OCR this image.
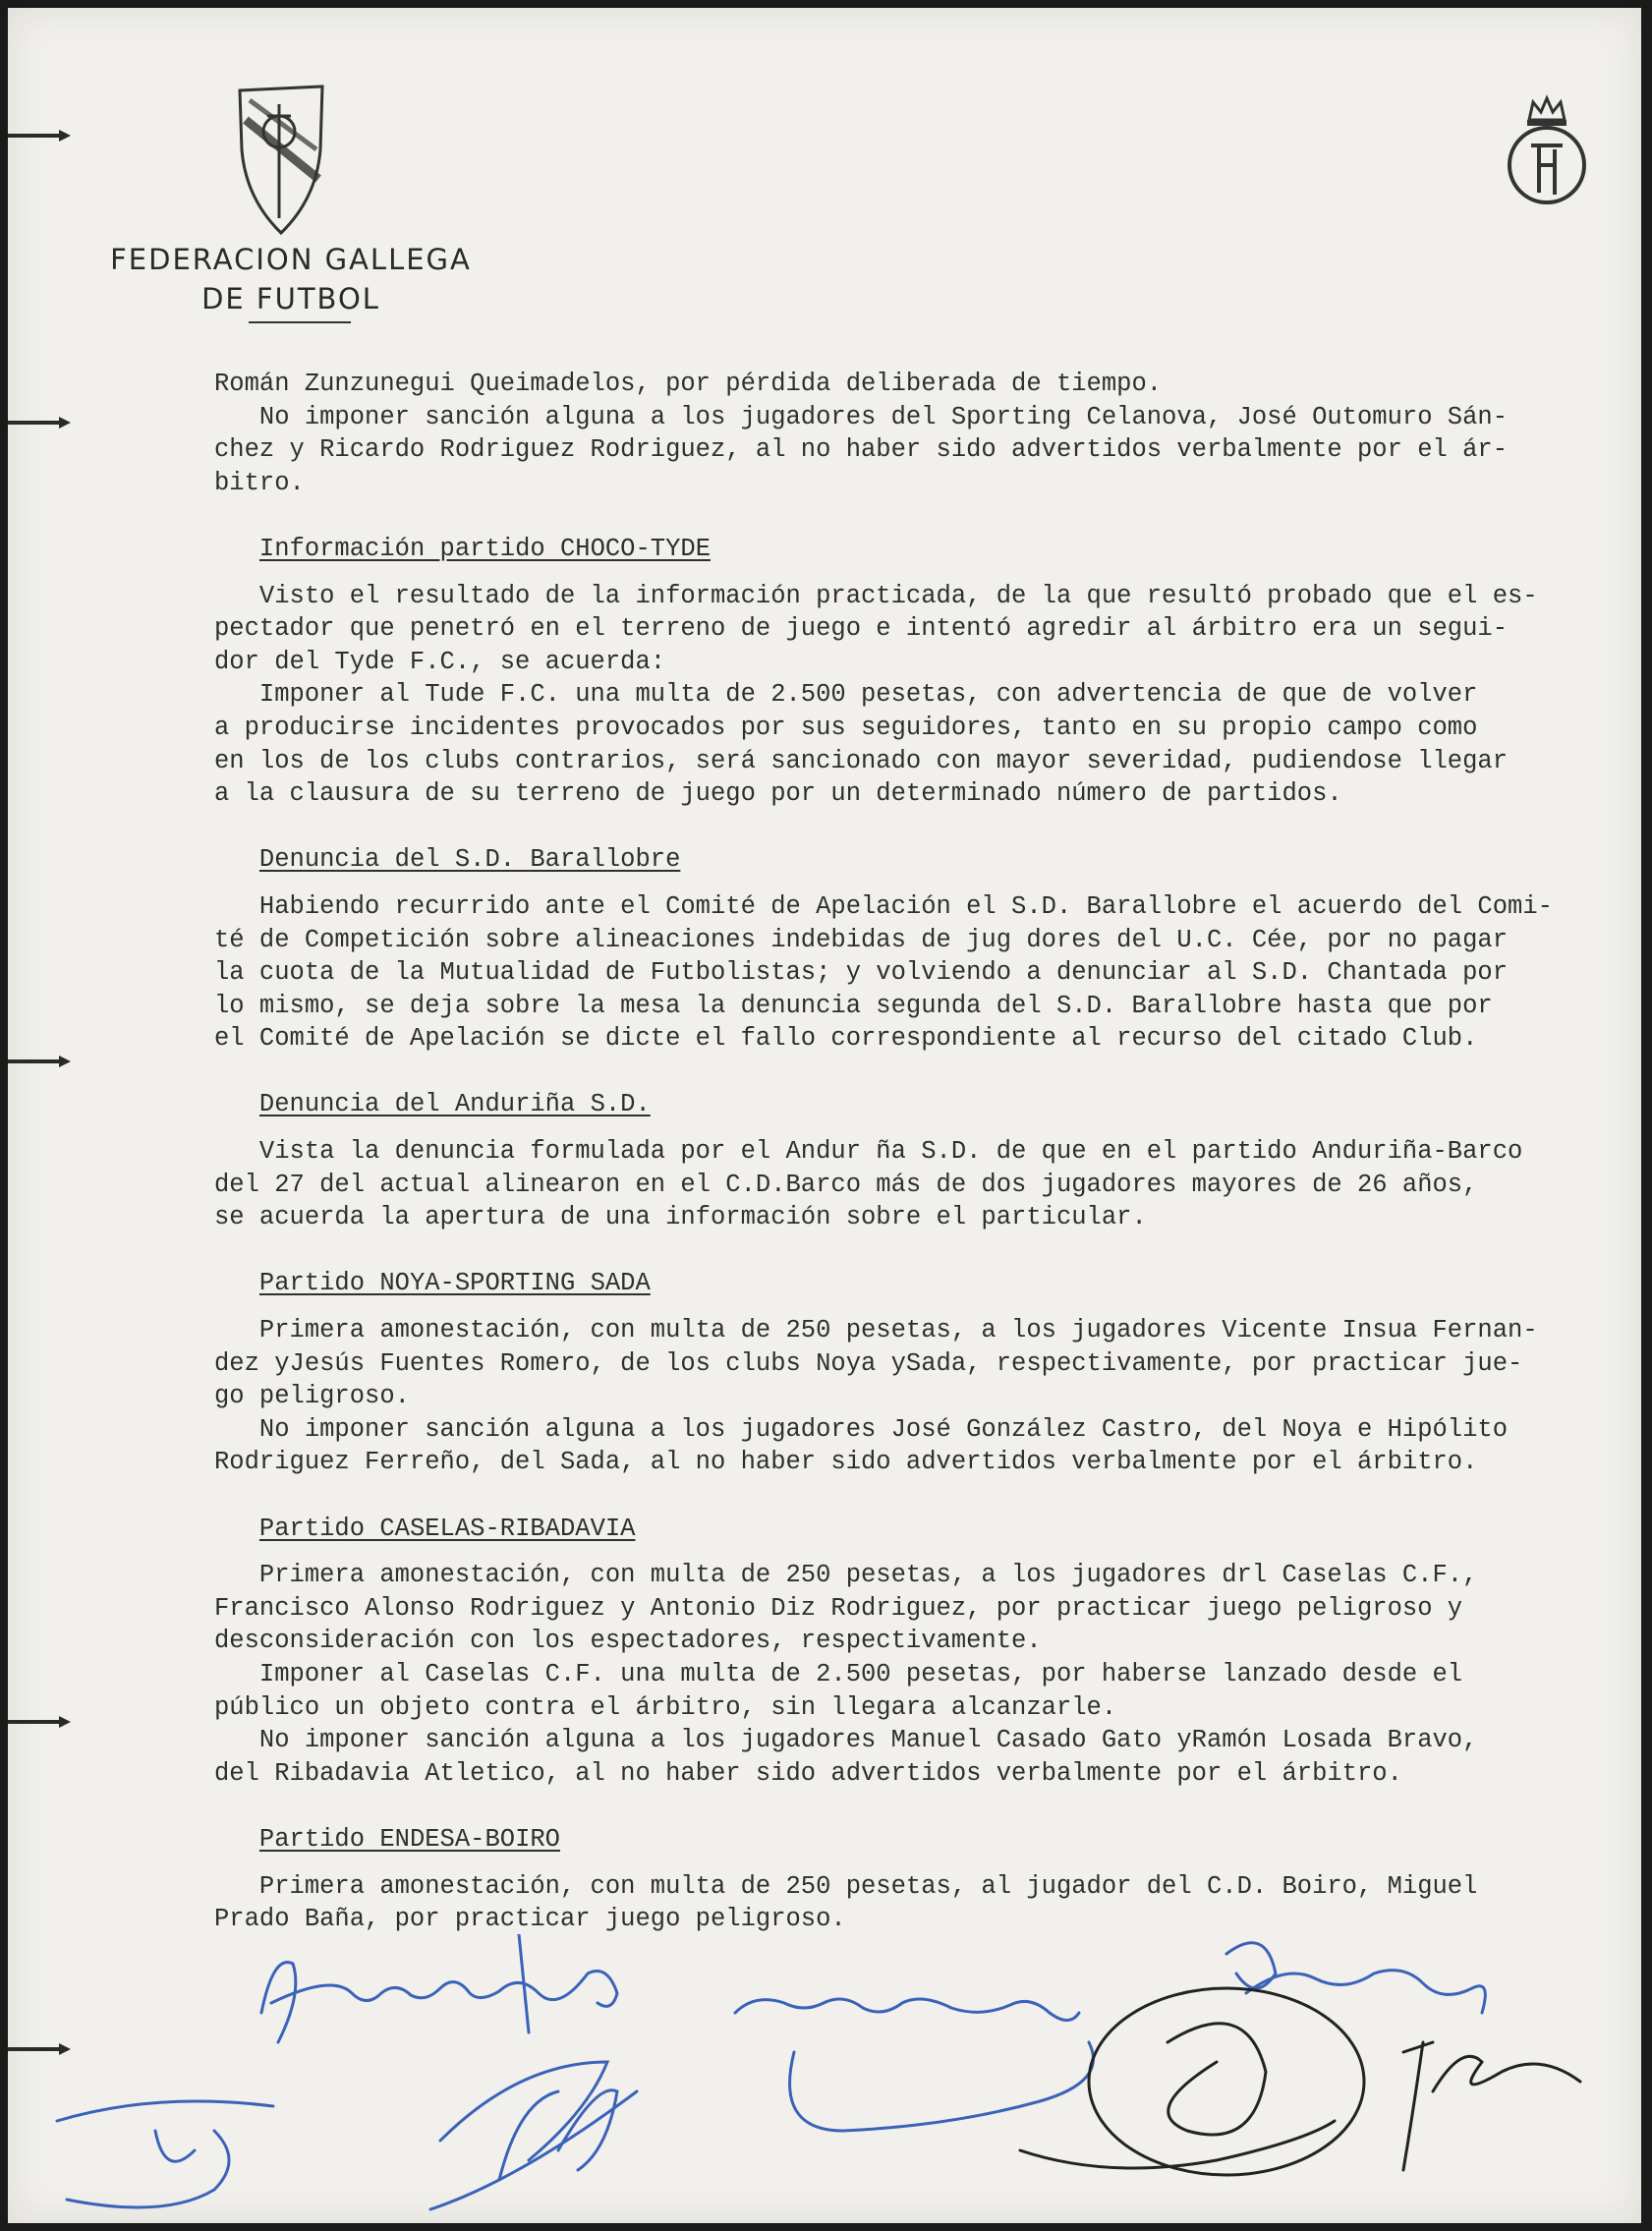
FEDERACION GALLEGA
DE FUTBOL
Román Zunzunegui Queimadelos, por pérdida deliberada de tiempo.
No imponer sanción alguna a los jugadores del Sporting Celanova, José Outomuro Sán-
chez y Ricardo Rodriguez Rodriguez, al no haber sido advertidos verbalmente por el ár-
bitro.
Información partido CHOCO-TYDE
Visto el resultado de la información practicada, de la que resultó probado que el es-
pectador que penetró en el terreno de juego e intentó agredir al árbitro era un segui-
dor del Tyde F.C., se acuerda:
Imponer al Tude F.C. una multa de 2.500 pesetas, con advertencia de que de volver
a producirse incidentes provocados por sus seguidores, tanto en su propio campo como
en los de los clubs contrarios, será sancionado con mayor severidad, pudiendose llegar
a la clausura de su terreno de juego por un determinado número de partidos.
Denuncia del S.D. Barallobre
Habiendo recurrido ante el Comité de Apelación el S.D. Barallobre el acuerdo del Comi-
té de Competición sobre alineaciones indebidas de jug dores del U.C. Cée, por no pagar
la cuota de la Mutualidad de Futbolistas; y volviendo a denunciar al S.D. Chantada por
lo mismo, se deja sobre la mesa la denuncia segunda del S.D. Barallobre hasta que por
el Comité de Apelación se dicte el fallo correspondiente al recurso del citado Club.
Denuncia del Anduriña S.D.
Vista la denuncia formulada por el Andur ña S.D. de que en el partido Anduriña-Barco
del 27 del actual alinearon en el C.D.Barco más de dos jugadores mayores de 26 años,
se acuerda la apertura de una información sobre el particular.
Partido NOYA-SPORTING SADA
Primera amonestación, con multa de 250 pesetas, a los jugadores Vicente Insua Fernan-
dez yJesús Fuentes Romero, de los clubs Noya ySada, respectivamente, por practicar jue-
go peligroso.
No imponer sanción alguna a los jugadores José González Castro, del Noya e Hipólito
Rodriguez Ferreño, del Sada, al no haber sido advertidos verbalmente por el árbitro.
Partido CASELAS-RIBADAVIA
Primera amonestación, con multa de 250 pesetas, a los jugadores drl Caselas C.F.,
Francisco Alonso Rodriguez y Antonio Diz Rodriguez, por practicar juego peligroso y
desconsideración con los espectadores, respectivamente.
Imponer al Caselas C.F. una multa de 2.500 pesetas, por haberse lanzado desde el
público un objeto contra el árbitro, sin llegara alcanzarle.
No imponer sanción alguna a los jugadores Manuel Casado Gato yRamón Losada Bravo,
del Ribadavia Atletico, al no haber sido advertidos verbalmente por el árbitro.
Partido ENDESA-BOIRO
Primera amonestación, con multa de 250 pesetas, al jugador del C.D. Boiro, Miguel
Prado Baña, por practicar juego peligroso.
